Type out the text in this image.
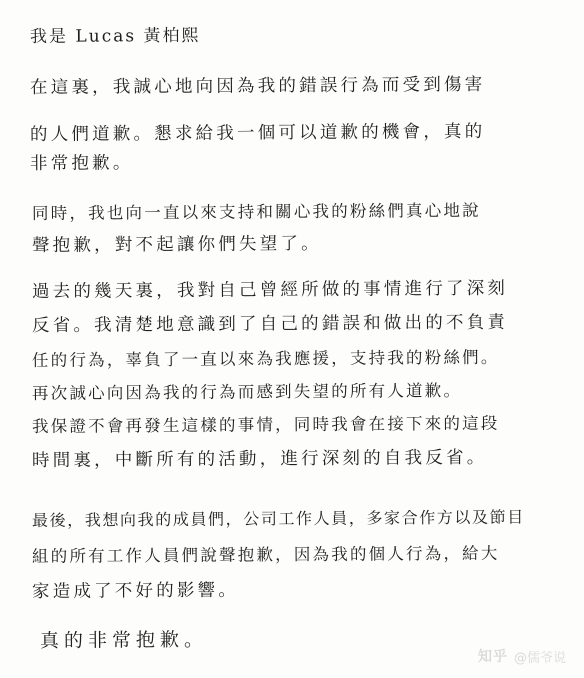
我是 Lucas 黃柏熙
在這裏，我誠心地向因為我的錯誤行為而受到傷害
的人們道歉。懇求給我一個可以道歉的機會，真的
非常抱歉。
同時，我也向一直以來支持和關心我的粉絲們真心地說
聲抱歉，對不起讓你們失望了。
過去的幾天裏，我對自己曾經所做的事情進行了深刻
反省。我清楚地意識到了自己的錯誤和做出的不負責
任的行為，辜負了一直以來為我應援，支持我的粉絲們。
再次誠心向因為我的行為而感到失望的所有人道歉。
我保證不會再發生這樣的事情，同時我會在接下來的這段
時間裏，中斷所有的活動，進行深刻的自我反省。
最後，我想向我的成員們，公司工作人員，多家合作方以及節目
組的所有工作人員們說聲抱歉，因為我的個人行為，給大
家造成了不好的影響。
真的非常抱歉。
知乎 @儒爷说
